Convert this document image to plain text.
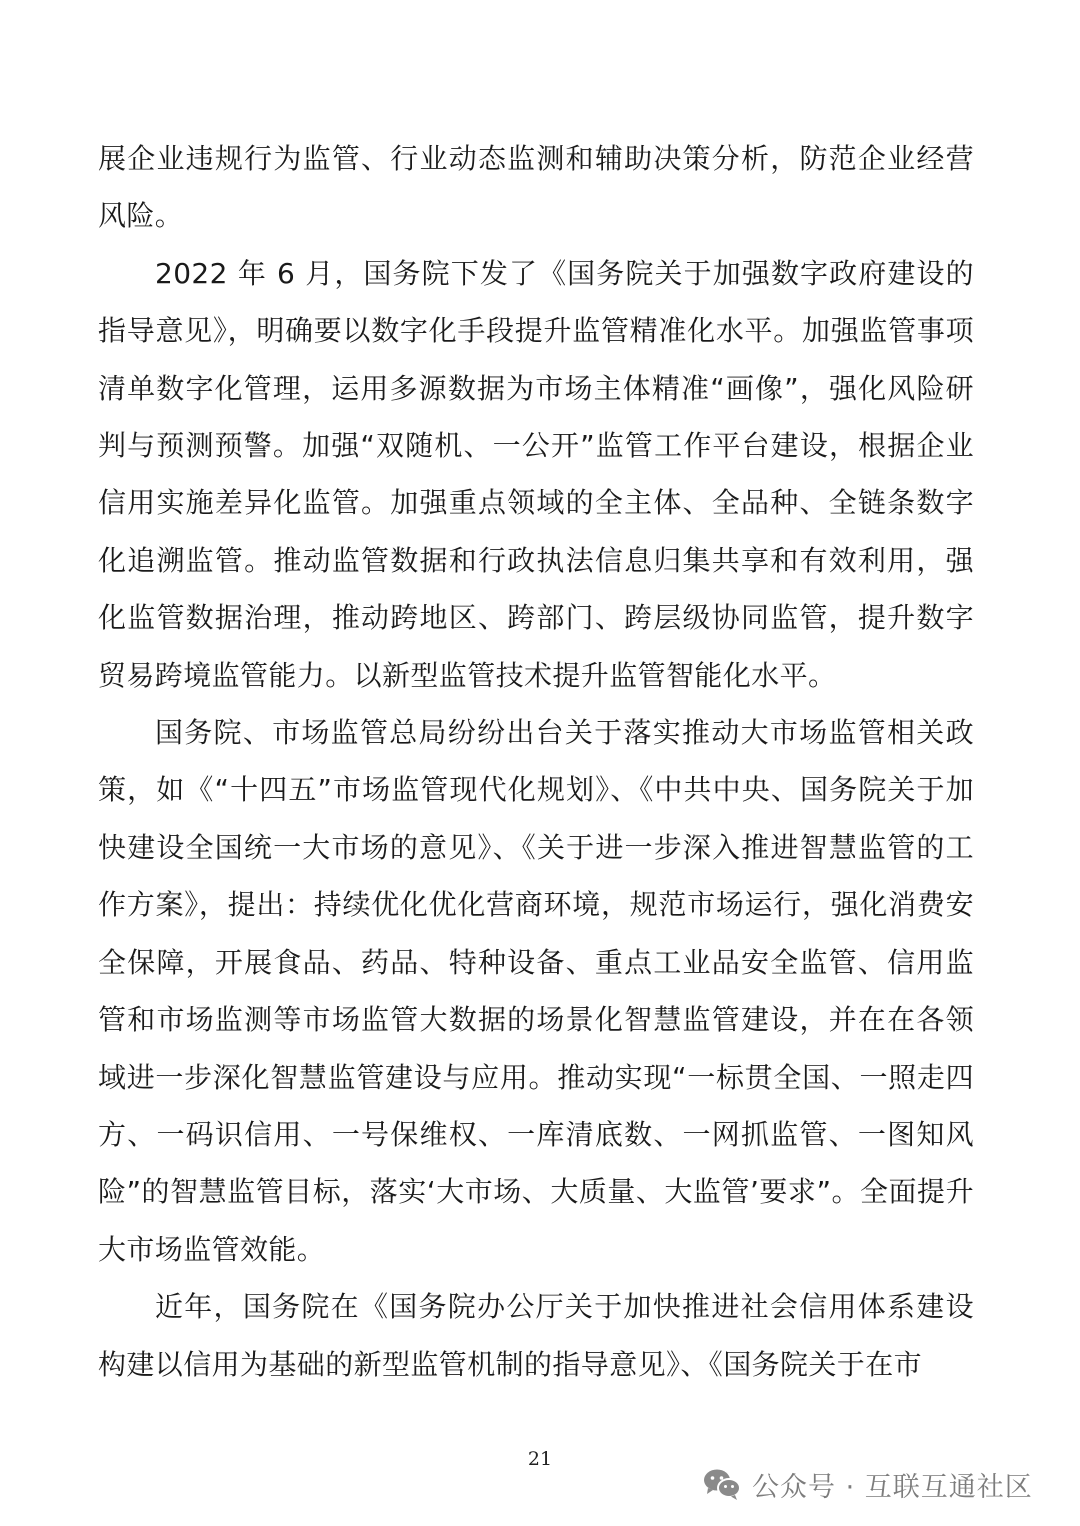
展企业违规行为监管、行业动态监测和辅助决策分析，防范企业经营风险。

2022 年 6 月，国务院下发了《国务院关于加强数字政府建设的指导意见》，明确要以数字化手段提升监管精准化水平。加强监管事项清单数字化管理，运用多源数据为市场主体精准“画像”，强化风险研判与预测预警。加强“双随机、一公开”监管工作平台建设，根据企业信用实施差异化监管。加强重点领域的全主体、全品种、全链条数字化追溯监管。推动监管数据和行政执法信息归集共享和有效利用，强化监管数据治理，推动跨地区、跨部门、跨层级协同监管，提升数字贸易跨境监管能力。以新型监管技术提升监管智能化水平。

国务院、市场监管总局纷纷出台关于落实推动大市场监管相关政策，如《“十四五”市场监管现代化规划》、《中共中央、国务院关于加快建设全国统一大市场的意见》、《关于进一步深入推进智慧监管的工作方案》，提出：持续优化优化营商环境，规范市场运行，强化消费安全保障，开展食品、药品、特种设备、重点工业品安全监管、信用监管和市场监测等市场监管大数据的场景化智慧监管建设，并在在各领域进一步深化智慧监管建设与应用。推动实现“一标贯全国、一照走四方、一码识信用、一号保维权、一库清底数、一网抓监管、一图知风险”的智慧监管目标，落实‘大市场、大质量、大监管’要求”。全面提升大市场监管效能。

近年，国务院在《国务院办公厅关于加快推进社会信用体系建设构建以信用为基础的新型监管机制的指导意见》、《国务院关于在市

21
公众号 · 互联互通社区
